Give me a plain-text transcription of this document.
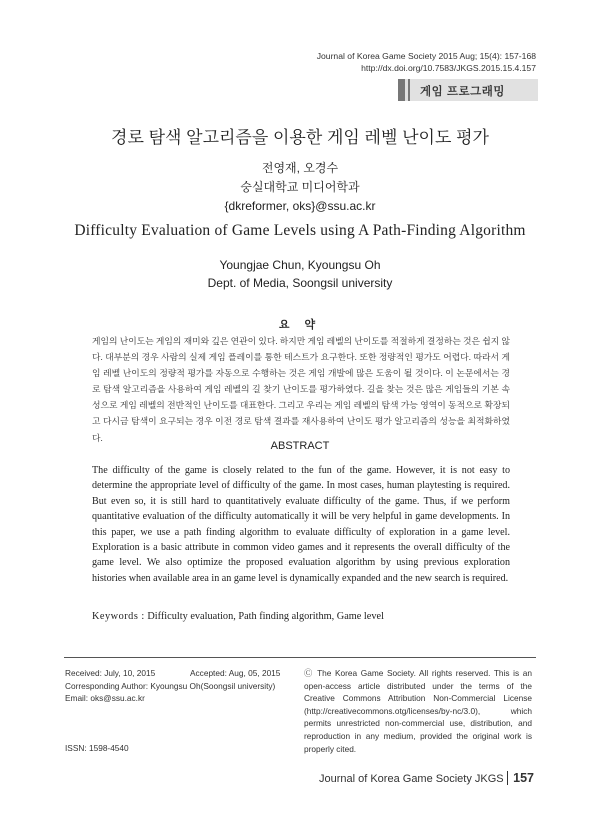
Journal of Korea Game Society 2015 Aug; 15(4): 157-168
http://dx.doi.org/10.7583/JKGS.2015.15.4.157
게임 프로그래밍
경로 탐색 알고리즘을 이용한 게임 레벨 난이도 평가
전영재, 오경수
숭실대학교 미디어학과
{dkreformer, oks}@ssu.ac.kr
Difficulty Evaluation of Game Levels using A Path-Finding Algorithm
Youngjae Chun, Kyoungsu Oh
Dept. of Media, Soongsil university
요 약

게임의 난이도는 게임의 재미와 깊은 연관이 있다. 하지만 게임 레벨의 난이도를 적절하게 결정하는 것은 쉽지 않다. 대부분의 경우 사람의 실제 게임 플레이를 통한 테스트가 요구한다. 또한 정량적인 평가도 어렵다. 따라서 게임 레벨 난이도의 정량적 평가를 자동으로 수행하는 것은 게임 개발에 많은 도움이 될 것이다. 이 논문에서는 경로 탐색 알고리즘을 사용하여 게임 레벨의 길 찾기 난이도를 평가하였다. 길을 찾는 것은 많은 게임들의 기본 속성으로 게임 레벨의 전반적인 난이도를 대표한다. 그리고 우리는 게임 레벨의 탐색 가능 영역이 동적으로 확장되고 다시금 탐색이 요구되는 경우 이전 경로 탐색 결과를 재사용하여 난이도 평가 알고리즘의 성능을 최적화하였다.

ABSTRACT

The difficulty of the game is closely related to the fun of the game. However, it is not easy to determine the appropriate level of difficulty of the game. In most cases, human playtesting is required. But even so, it is still hard to quantitatively evaluate difficulty of the game. Thus, if we perform quantitative evaluation of the difficulty automatically it will be very helpful in game developments. In this paper, we use a path finding algorithm to evaluate difficulty of exploration in a game level. Exploration is a basic attribute in common video games and it represents the overall difficulty of the game level. We also optimize the proposed evaluation algorithm by using previous exploration histories when available area in an game level is dynamically expanded and the new search is required.

Keywords : Difficulty evaluation, Path finding algorithm, Game level
Received: July, 10, 2015	Accepted: Aug, 05, 2015
Corresponding Author: Kyoungsu Oh(Soongsil university)
Email: oks@ssu.ac.kr
ISSN: 1598-4540

Ⓒ The Korea Game Society. All rights reserved. This is an open-access article distributed under the terms of the Creative Commons Attribution Non-Commercial License (http://creativecommons.otg/licenses/by-nc/3.0), which permits unrestricted non-commercial use, distribution, and reproduction in any medium, provided the original work is properly cited.

Journal of Korea Game Society JKGS 157
